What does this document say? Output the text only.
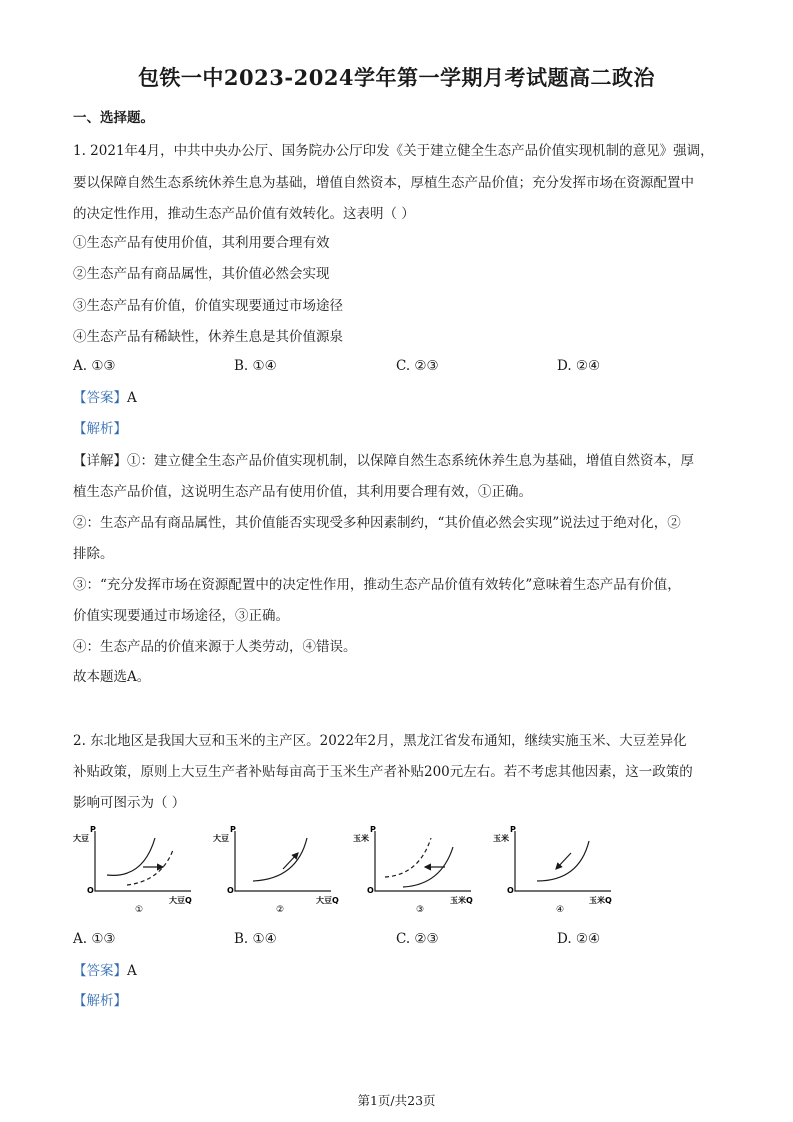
包铁一中2023-2024学年第一学期月考试题高二政治
一、选择题。
1. 2021年4月，中共中央办公厅、国务院办公厅印发《关于建立健全生态产品价值实现机制的意见》强调，
要以保障自然生态系统休养生息为基础，增值自然资本，厚植生态产品价值；充分发挥市场在资源配置中
的决定性作用，推动生态产品价值有效转化。这表明（ ）
①生态产品有使用价值，其利用要合理有效
②生态产品有商品属性，其价值必然会实现
③生态产品有价值，价值实现要通过市场途径
④生态产品有稀缺性，休养生息是其价值源泉
A. ①③	B. ①④	C. ②③	D. ②④
【答案】A
【解析】
【详解】①：建立健全生态产品价值实现机制，以保障自然生态系统休养生息为基础，增值自然资本，厚
植生态产品价值，这说明生态产品有使用价值，其利用要合理有效，①正确。
②：生态产品有商品属性，其价值能否实现受多种因素制约，“其价值必然会实现”说法过于绝对化，②
排除。
③：“充分发挥市场在资源配置中的决定性作用，推动生态产品价值有效转化”意味着生态产品有价值，
价值实现要通过市场途径，③正确。
④：生态产品的价值来源于人类劳动，④错误。
故本题选A。
2. 东北地区是我国大豆和玉米的主产区。2022年2月，黑龙江省发布通知，继续实施玉米、大豆差异化
补贴政策，原则上大豆生产者补贴每亩高于玉米生产者补贴200元左右。若不考虑其他因素，这一政策的
影响可图示为（ ）
P
大豆
O
大豆Q
①
P
大豆
O
大豆Q
②
P
玉米
O
玉米Q
③
P
玉米
O
玉米Q
④
A. ①③	B. ①④	C. ②③	D. ②④
【答案】A
【解析】
第1页/共23页
